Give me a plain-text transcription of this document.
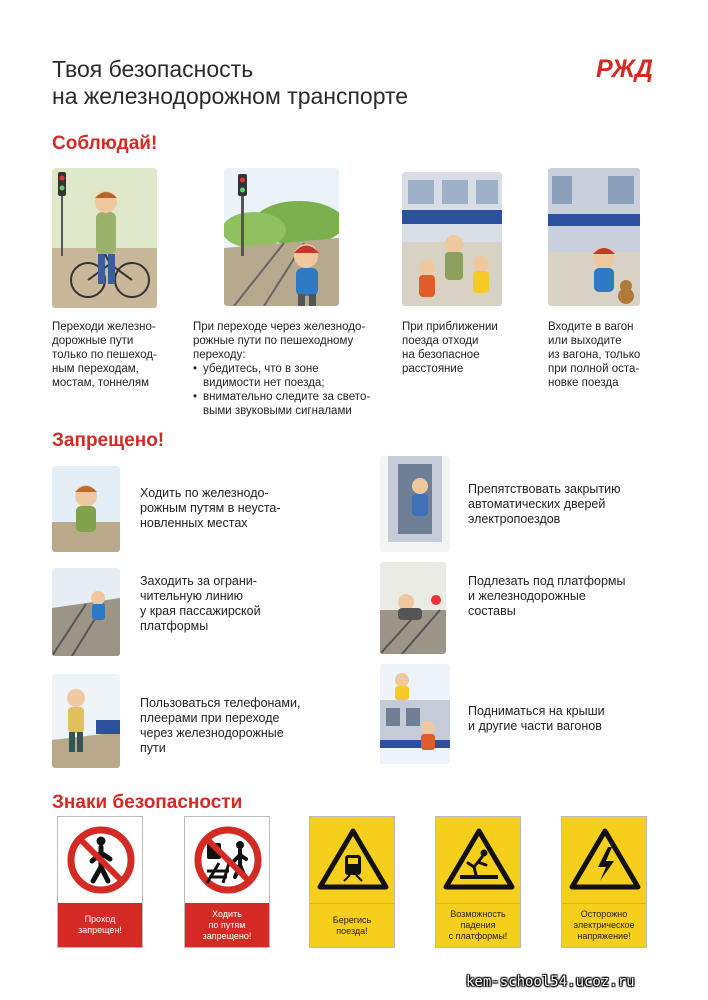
Твоя безопасность
на железнодорожном транспорте
РЖД
Соблюдай!

Переходи железно-

дорожные пути

только по пешеход-

ным переходам,

мостам, тоннелям

При переходе через железнодо-

рожные пути по пешеходному

переходу:

• убедитесь, что в зоне
видимости нет поезда;
• внимательно следите за свето-
выми звуковыми сигналами

При приближении

поезда отходи

на безопасное

расстояние

Входите в вагон

или выходите

из вагона, только

при полной оста-

новке поезда

Запрещено!

Ходить по железнодо-

рожным путям в неуста-

новленных местах

Препятствовать закрытию

автоматических дверей

электропоездов

Заходить за ограни-

чительную линию

у края пассажирской

платформы

Подлезать под платформы

и железнодорожные

составы

Пользоваться телефонами,

плеерами при переходе

через железнодорожные

пути

Подниматься на крыши

и другие части вагонов

Знаки безопасности
Проход
запрещен!
Ходить
по путям
запрещено!
Берегись
поезда!
Возможность
падения
с платформы!
Осторожно
электрическое
напряжение!
kem-school54.ucoz.ru
